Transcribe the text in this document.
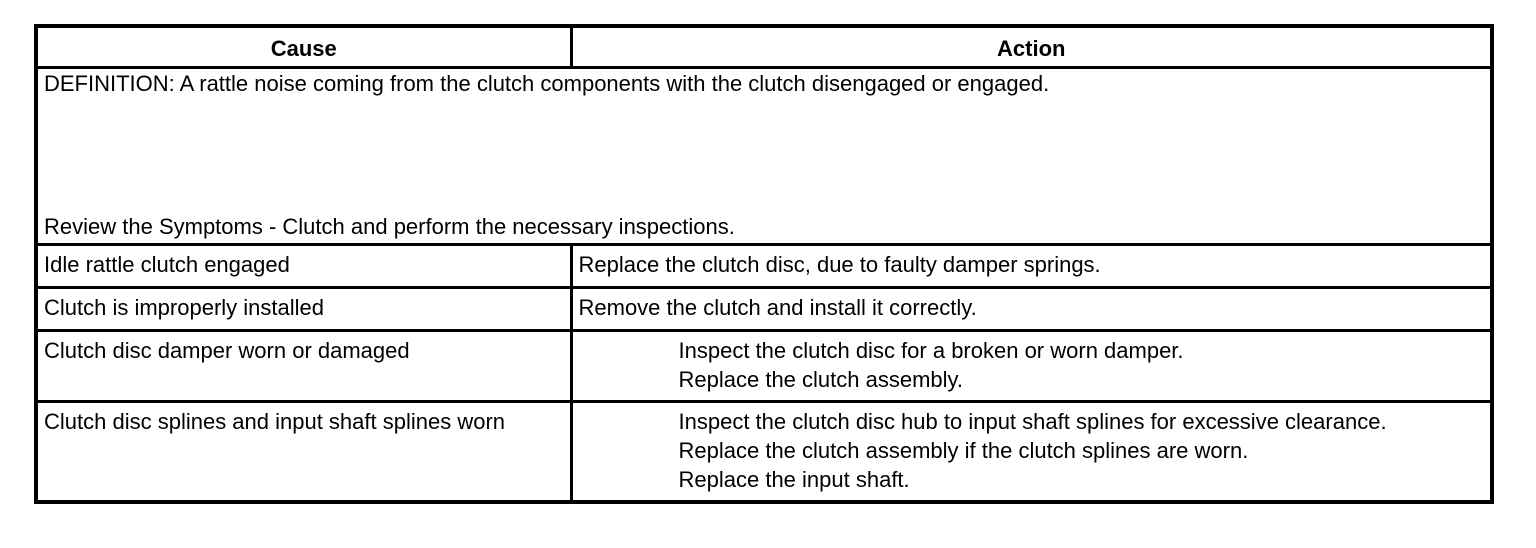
Cause	Action

DEFINITION: A rattle noise coming from the clutch components with the clutch disengaged or engaged.
Review the Symptoms - Clutch and perform the necessary inspections.	

Idle rattle clutch engaged	Replace the clutch disc, due to faulty damper springs.
Clutch is improperly installed	Remove the clutch and install it correctly.
Clutch disc damper worn or damaged	Inspect the clutch disc for a broken or worn damper.
Replace the clutch assembly.

Clutch disc splines and input shaft splines worn	Inspect the clutch disc hub to input shaft splines for excessive clearance.
Replace the clutch assembly if the clutch splines are worn.
Replace the input shaft.
